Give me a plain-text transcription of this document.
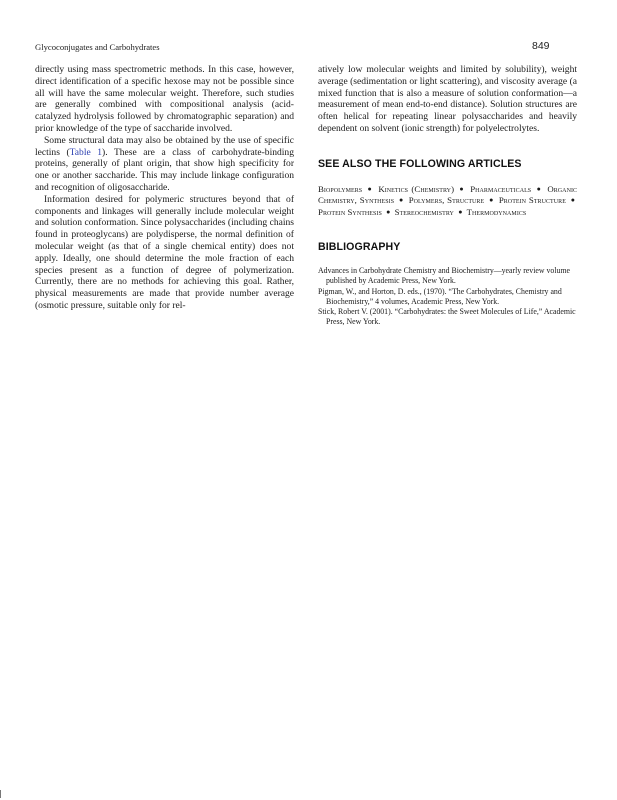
Glycoconjugates and Carbohydrates	849

directly using mass spectrometric methods. In this case, however, direct identification of a specific hexose may not be possible since all will have the same molecular weight. Therefore, such studies are generally combined with compositional analysis (acid-catalyzed hydrolysis followed by chromatographic separation) and prior knowledge of the type of saccharide involved.

Some structural data may also be obtained by the use of specific lectins (Table 1). These are a class of carbohydrate-binding proteins, generally of plant origin, that show high specificity for one or another saccharide. This may include linkage configuration and recognition of oligosaccharide.

Information desired for polymeric structures beyond that of components and linkages will generally include molecular weight and solution conformation. Since polysaccharides (including chains found in proteoglycans) are polydisperse, the normal definition of molecular weight (as that of a single chemical entity) does not apply. Ideally, one should determine the mole fraction of each species present as a function of degree of polymerization. Currently, there are no methods for achieving this goal. Rather, physical measurements are made that provide number average (osmotic pressure, suitable only for rel-

atively low molecular weights and limited by solubility), weight average (sedimentation or light scattering), and viscosity average (a mixed function that is also a measure of solution conformation—a measurement of mean end-to-end distance). Solution structures are often helical for repeating linear polysaccharides and heavily dependent on solvent (ionic strength) for polyelectrolytes.

SEE ALSO THE FOLLOWING ARTICLES
Biopolymers ● Kinetics (Chemistry) ● Pharmaceuticals ● Organic Chemistry, Synthesis ● Polymers, Structure ● Protein Structure ● Protein Synthesis ● Stereochemistry ● Thermodynamics
BIBLIOGRAPHY

Advances in Carbohydrate Chemistry and Biochemistry—yearly review volume published by Academic Press, New York.

Pigman, W., and Horton, D. eds., (1970). “The Carbohydrates, Chemistry and Biochemistry,” 4 volumes, Academic Press, New York.

Stick, Robert V. (2001). “Carbohydrates: the Sweet Molecules of Life,” Academic Press, New York.
